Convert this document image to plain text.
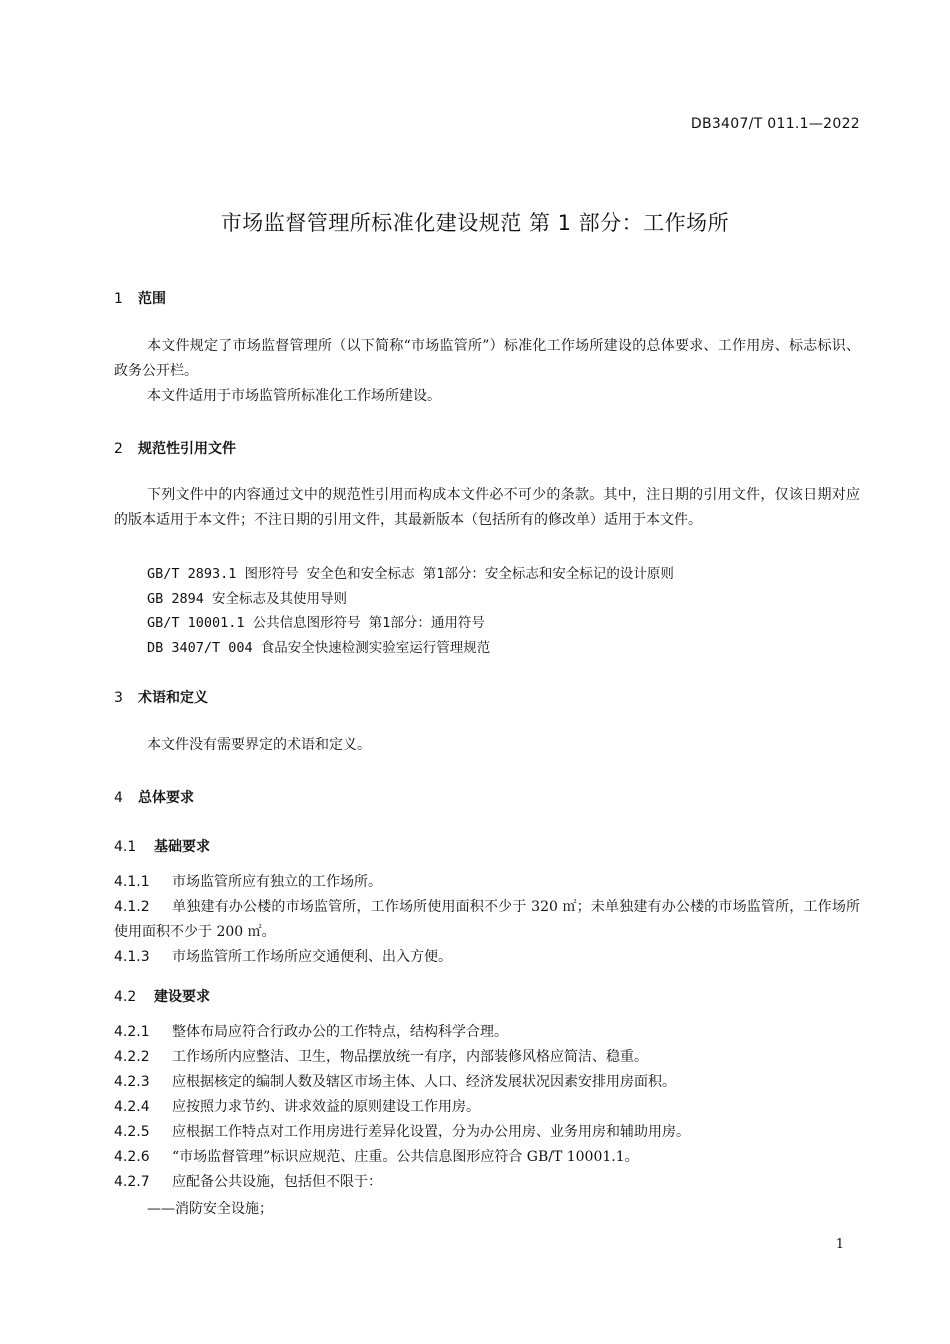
DB3407/T 011.1—2022
市场监督管理所标准化建设规范 第 1 部分：工作场所
1 范围
本文件规定了市场监督管理所（以下简称“市场监管所”）标准化工作场所建设的总体要求、工作用房、标志标识、政务公开栏。
本文件适用于市场监管所标准化工作场所建设。
2 规范性引用文件
下列文件中的内容通过文中的规范性引用而构成本文件必不可少的条款。其中，注日期的引用文件，仅该日期对应的版本适用于本文件；不注日期的引用文件，其最新版本（包括所有的修改单）适用于本文件。
GB/T 2893.1 图形符号 安全色和安全标志 第1部分：安全标志和安全标记的设计原则
GB 2894 安全标志及其使用导则
GB/T 10001.1 公共信息图形符号 第1部分：通用符号
DB 3407/T 004 食品安全快速检测实验室运行管理规范
3 术语和定义
本文件没有需要界定的术语和定义。
4 总体要求
4.1 基础要求
4.1.1 市场监管所应有独立的工作场所。
4.1.2 单独建有办公楼的市场监管所，工作场所使用面积不少于 320 ㎡；未单独建有办公楼的市场监管所，工作场所使用面积不少于 200 ㎡。
4.1.3 市场监管所工作场所应交通便利、出入方便。
4.2 建设要求
4.2.1 整体布局应符合行政办公的工作特点，结构科学合理。
4.2.2 工作场所内应整洁、卫生，物品摆放统一有序，内部装修风格应简洁、稳重。
4.2.3 应根据核定的编制人数及辖区市场主体、人口、经济发展状况因素安排用房面积。
4.2.4 应按照力求节约、讲求效益的原则建设工作用房。
4.2.5 应根据工作特点对工作用房进行差异化设置，分为办公用房、业务用房和辅助用房。
4.2.6 “市场监督管理”标识应规范、庄重。公共信息图形应符合 GB/T 10001.1。
4.2.7 应配备公共设施，包括但不限于：
——消防安全设施；
1
